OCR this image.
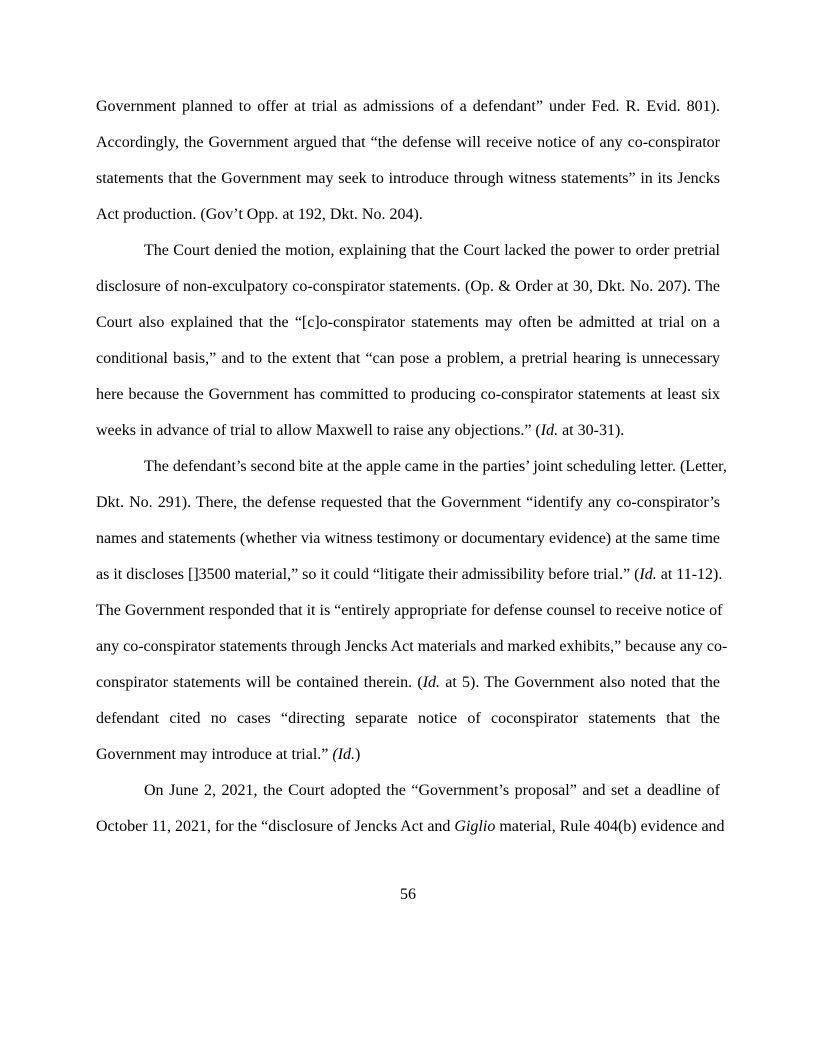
Government planned to offer at trial as admissions of a defendant” under Fed. R. Evid. 801).
Accordingly, the Government argued that “the defense will receive notice of any co-conspirator
statements that the Government may seek to introduce through witness statements” in its Jencks
Act production. (Gov’t Opp. at 192, Dkt. No. 204).
The Court denied the motion, explaining that the Court lacked the power to order pretrial
disclosure of non-exculpatory co-conspirator statements. (Op. & Order at 30, Dkt. No. 207). The
Court also explained that the “[c]o-conspirator statements may often be admitted at trial on a
conditional basis,” and to the extent that “can pose a problem, a pretrial hearing is unnecessary
here because the Government has committed to producing co-conspirator statements at least six
weeks in advance of trial to allow Maxwell to raise any objections.” (Id. at 30-31).
The defendant’s second bite at the apple came in the parties’ joint scheduling letter. (Letter,
Dkt. No. 291). There, the defense requested that the Government “identify any co-conspirator’s
names and statements (whether via witness testimony or documentary evidence) at the same time
as it discloses []3500 material,” so it could “litigate their admissibility before trial.” (Id. at 11-12).
The Government responded that it is “entirely appropriate for defense counsel to receive notice of
any co-conspirator statements through Jencks Act materials and marked exhibits,” because any co-
conspirator statements will be contained therein. (Id. at 5). The Government also noted that the
defendant cited no cases “directing separate notice of coconspirator statements that the
Government may introduce at trial.” (Id.)
On June 2, 2021, the Court adopted the “Government’s proposal” and set a deadline of
October 11, 2021, for the “disclosure of Jencks Act and Giglio material, Rule 404(b) evidence and
56
